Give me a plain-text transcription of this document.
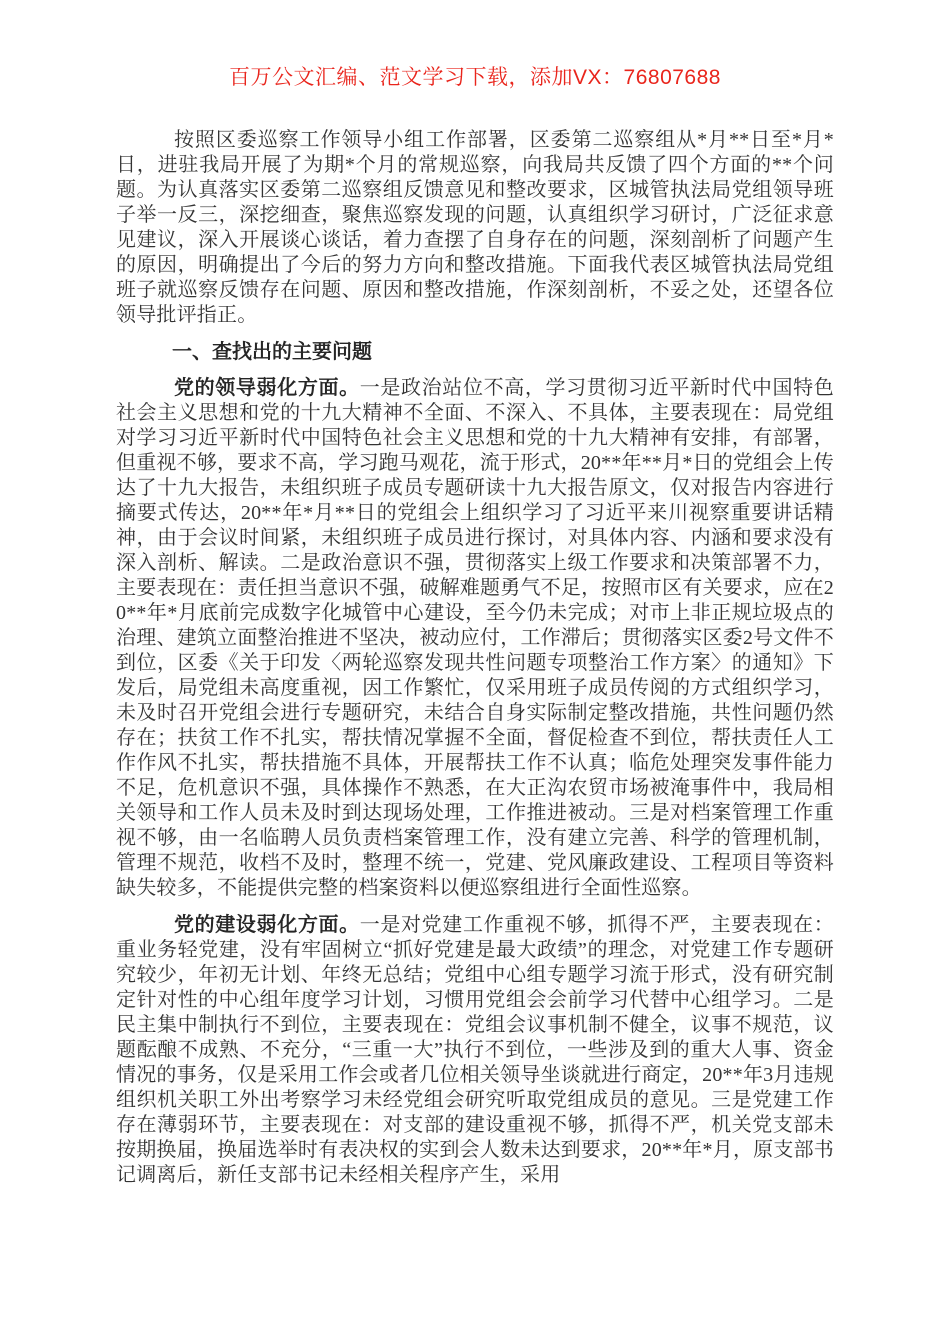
百万公文汇编、范文学习下载，添加VX：76807688

按照区委巡察工作领导小组工作部署，区委第二巡察组从*月**日至*月*日，进驻我局开展了为期*个月的常规巡察，向我局共反馈了四个方面的**个问题。为认真落实区委第二巡察组反馈意见和整改要求，区城管执法局党组领导班子举一反三，深挖细查，聚焦巡察发现的问题，认真组织学习研讨，广泛征求意见建议，深入开展谈心谈话，着力查摆了自身存在的问题，深刻剖析了问题产生的原因，明确提出了今后的努力方向和整改措施。下面我代表区城管执法局党组班子就巡察反馈存在问题、原因和整改措施，作深刻剖析，不妥之处，还望各位领导批评指正。

一、查找出的主要问题

党的领导弱化方面。一是政治站位不高，学习贯彻习近平新时代中国特色社会主义思想和党的十九大精神不全面、不深入、不具体，主要表现在：局党组对学习习近平新时代中国特色社会主义思想和党的十九大精神有安排，有部署，但重视不够，要求不高，学习跑马观花，流于形式，20**年**月*日的党组会上传达了十九大报告，未组织班子成员专题研读十九大报告原文，仅对报告内容进行摘要式传达，20**年*月**日的党组会上组织学习了习近平来川视察重要讲话精神，由于会议时间紧，未组织班子成员进行探讨，对具体内容、内涵和要求没有深入剖析、解读。二是政治意识不强，贯彻落实上级工作要求和决策部署不力，主要表现在：责任担当意识不强，破解难题勇气不足，按照市区有关要求，应在20**年*月底前完成数字化城管中心建设，至今仍未完成；对市上非正规垃圾点的治理、建筑立面整治推进不坚决，被动应付，工作滞后；贯彻落实区委2号文件不到位，区委《关于印发〈两轮巡察发现共性问题专项整治工作方案〉的通知》下发后，局党组未高度重视，因工作繁忙，仅采用班子成员传阅的方式组织学习，未及时召开党组会进行专题研究，未结合自身实际制定整改措施，共性问题仍然存在；扶贫工作不扎实，帮扶情况掌握不全面，督促检查不到位，帮扶责任人工作作风不扎实，帮扶措施不具体，开展帮扶工作不认真；临危处理突发事件能力不足，危机意识不强，具体操作不熟悉，在大正沟农贸市场被淹事件中，我局相关领导和工作人员未及时到达现场处理，工作推进被动。三是对档案管理工作重视不够，由一名临聘人员负责档案管理工作，没有建立完善、科学的管理机制，管理不规范，收档不及时，整理不统一，党建、党风廉政建设、工程项目等资料缺失较多，不能提供完整的档案资料以便巡察组进行全面性巡察。

党的建设弱化方面。一是对党建工作重视不够，抓得不严，主要表现在：重业务轻党建，没有牢固树立“抓好党建是最大政绩”的理念，对党建工作专题研究较少，年初无计划、年终无总结；党组中心组专题学习流于形式，没有研究制定针对性的中心组年度学习计划，习惯用党组会会前学习代替中心组学习。二是民主集中制执行不到位，主要表现在：党组会议事机制不健全，议事不规范，议题酝酿不成熟、不充分，“三重一大”执行不到位，一些涉及到的重大人事、资金情况的事务，仅是采用工作会或者几位相关领导坐谈就进行商定，20**年3月违规组织机关职工外出考察学习未经党组会研究听取党组成员的意见。三是党建工作存在薄弱环节，主要表现在：对支部的建设重视不够，抓得不严，机关党支部未按期换届，换届选举时有表决权的实到会人数未达到要求，20**年*月，原支部书记调离后，新任支部书记未经相关程序产生，采用
